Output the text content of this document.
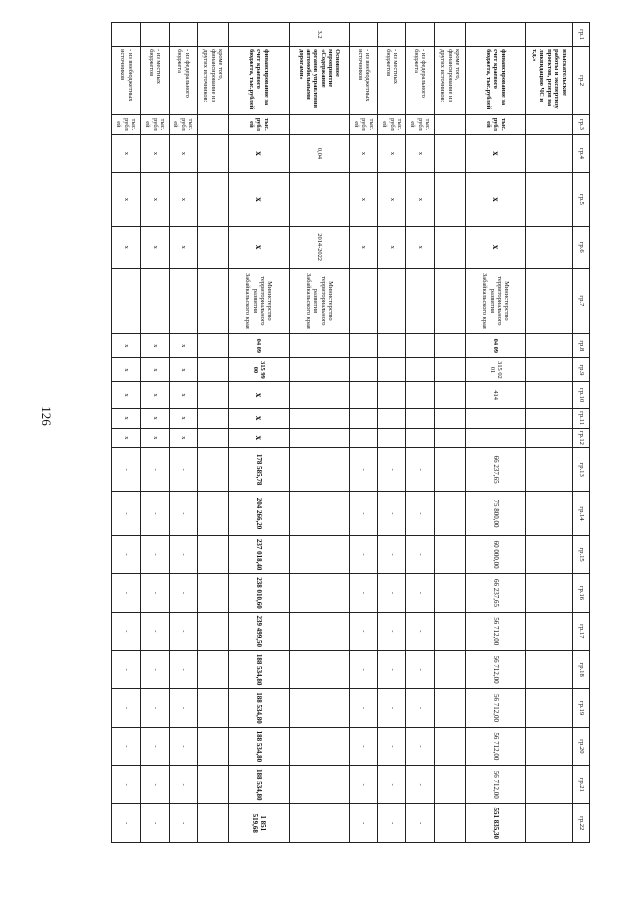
126
гр.1	гр.2	гр.3	гр.4	гр.5	гр.6	гр.7	гр.8	гр.9	гр.10	гр.11	гр.12	гр.13	гр.14	гр.15	гр.16	гр.17	гр.18	гр.19	гр.20	гр.21	гр.22
	изыскательские работы и экспертизу проектов, резерв на ликвидацию ЧС и т.д.»																				
	финансирование за счет краевого бюджета, тыс.рублей	тыс. рублей	x	x	x	Министерство территориального развития Забайкальского края	04 09	315 02 01	414			66 237,65	75 800,00	60 000,00	66 237,65	56 712,00	56 712,00	56 712,00	56 712,00	56 712,00	551 835,30
	кроме того, финансирование из других источников:																				
	- из федерального бюджета	тыс. рублей	x	x	x							-	-	-	-	-	-	-	-	-	-
	- из местных бюджетов	тыс. рублей	x	x	x							-	-	-	-	-	-	-	-	-	-
	- из внебюджетных источников	тыс. рублей	x	x	x							-	-	-	-	-	-	-	-	-	-
3.2	Основное мероприятие «Содержание органов управления автомобильными дорогами»		0,04		2014-2022	Министерство территориального развития Забайкальского края															
	финансирование за счет краевого бюджета, тыс.рублей	тыс. рублей	x	x	x	Министерство территориального развития Забайкальского края	04 09	315 99 00	x	x	x	178 585,78	204 266,20	237 018,40	238 010,60	239 499,50	188 534,80	188 534,80	188 534,80	188 534,80	1 851 519,68
	кроме того, финансирование из других источников:																				
	- из федерального бюджета	тыс. рублей	x	x	x		x	x	x	x	x	-	-	-	-	-	-	-	-	-	-
	- из местных бюджетов	тыс. рублей	x	x	x		x	x	x	x	x	-	-	-	-	-	-	-	-	-	-
	- из внебюджетных источников	тыс. рублей	x	x	x		x	x	x	x	x	-	-	-	-	-	-	-	-	-	-
